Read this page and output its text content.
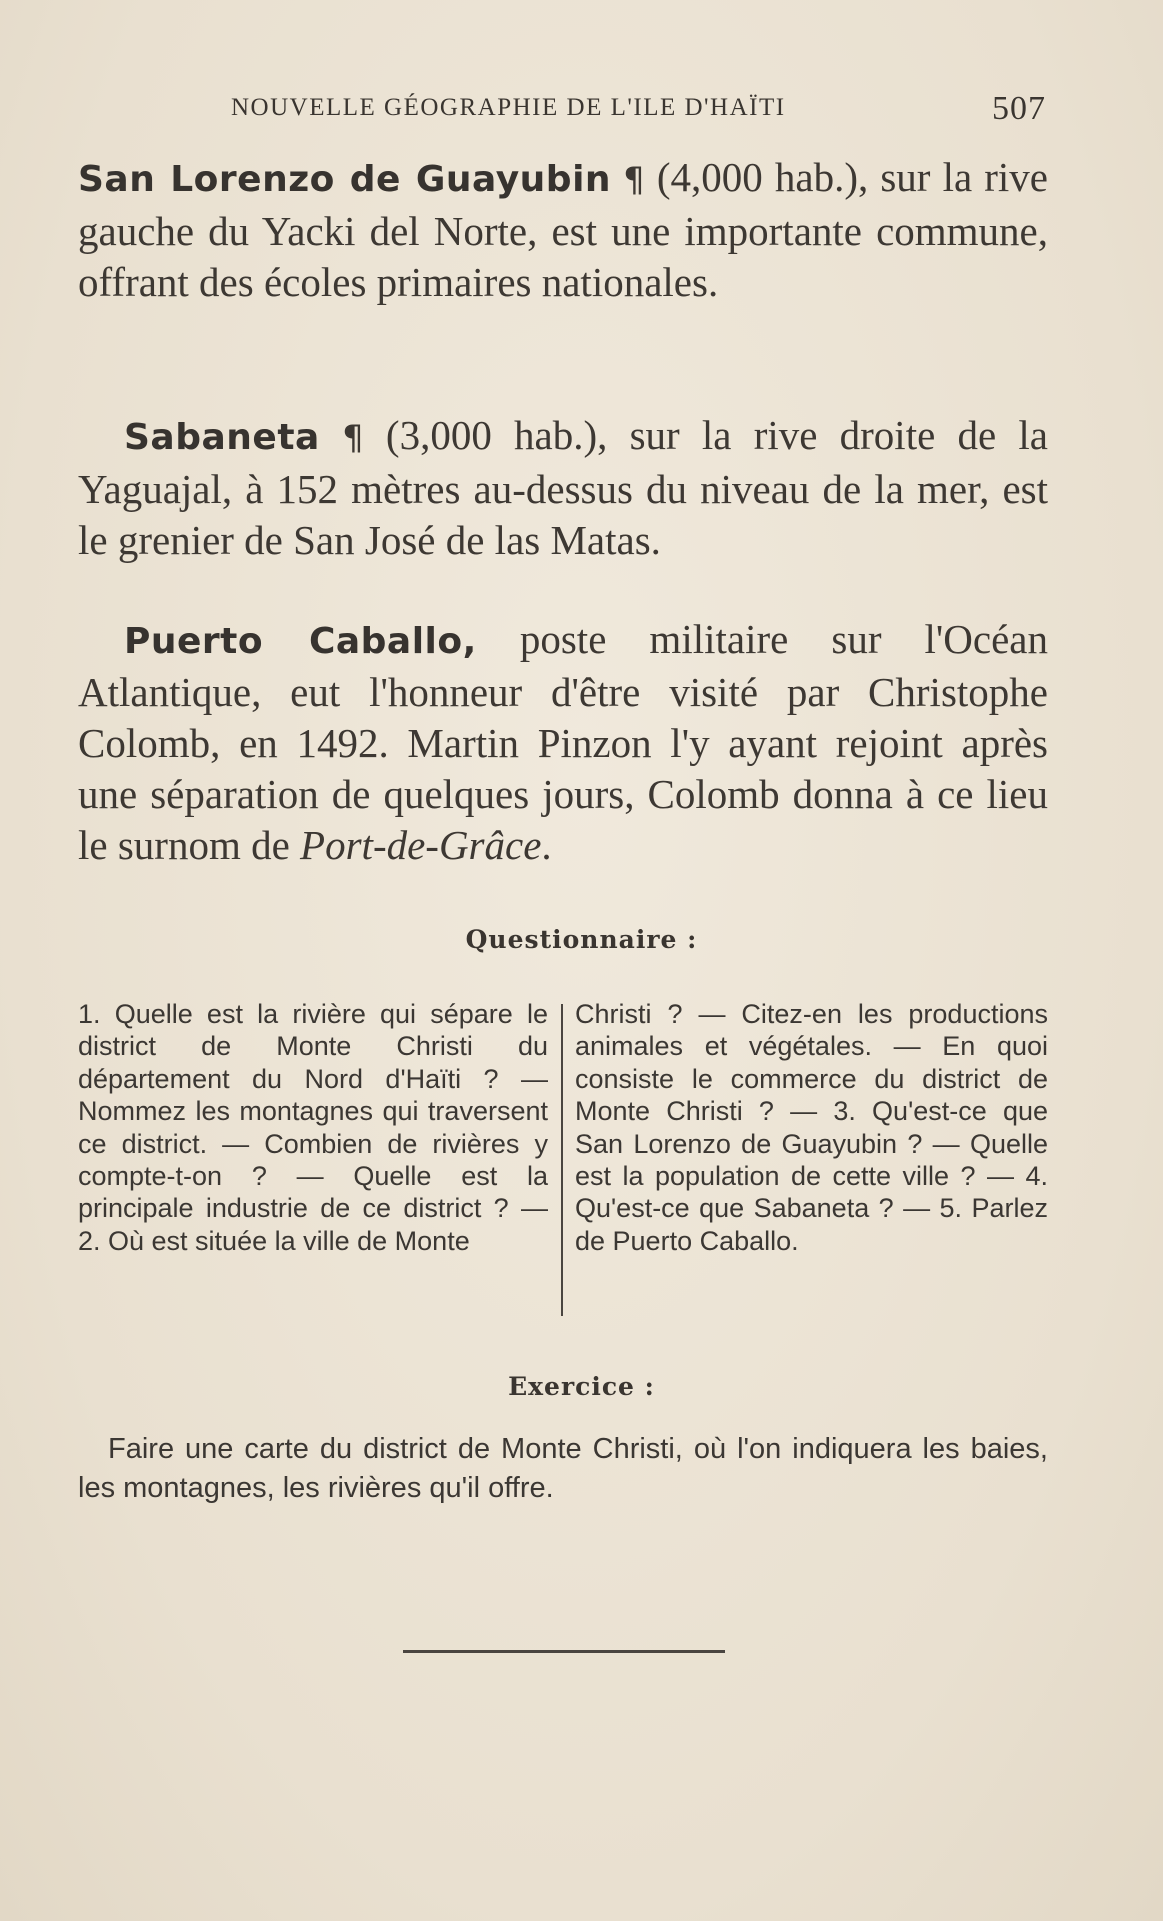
NOUVELLE GÉOGRAPHIE DE L'ILE D'HAÏTI	507

San Lorenzo de Guayubin ¶ (4,000 hab.), sur la rive gauche du Yacki del Norte, est une importante commune, offrant des écoles primaires nationales.

Sabaneta ¶ (3,000 hab.), sur la rive droite de la Yaguajal, à 152 mètres au-dessus du niveau de la mer, est le grenier de San José de las Matas.

Puerto Caballo, poste militaire sur l'Océan Atlantique, eut l'honneur d'être visité par Christophe Colomb, en 1492. Martin Pinzon l'y ayant rejoint après une séparation de quelques jours, Colomb donna à ce lieu le surnom de Port-de-Grâce.

Questionnaire :
1. Quelle est la rivière qui sépare le district de Monte Christi du département du Nord d'Haïti ? — Nommez les montagnes qui traversent ce district. — Combien de rivières y compte-t-on ? — Quelle est la principale industrie de ce district ? — 2. Où est située la ville de Monte
Christi ? — Citez-en les productions animales et végétales. — En quoi consiste le commerce du district de Monte Christi ? — 3. Qu'est-ce que San Lorenzo de Guayubin ? — Quelle est la population de cette ville ? — 4. Qu'est-ce que Sabaneta ? — 5. Parlez de Puerto Caballo.
Exercice :

Faire une carte du district de Monte Christi, où l'on indiquera les baies, les montagnes, les rivières qu'il offre.
